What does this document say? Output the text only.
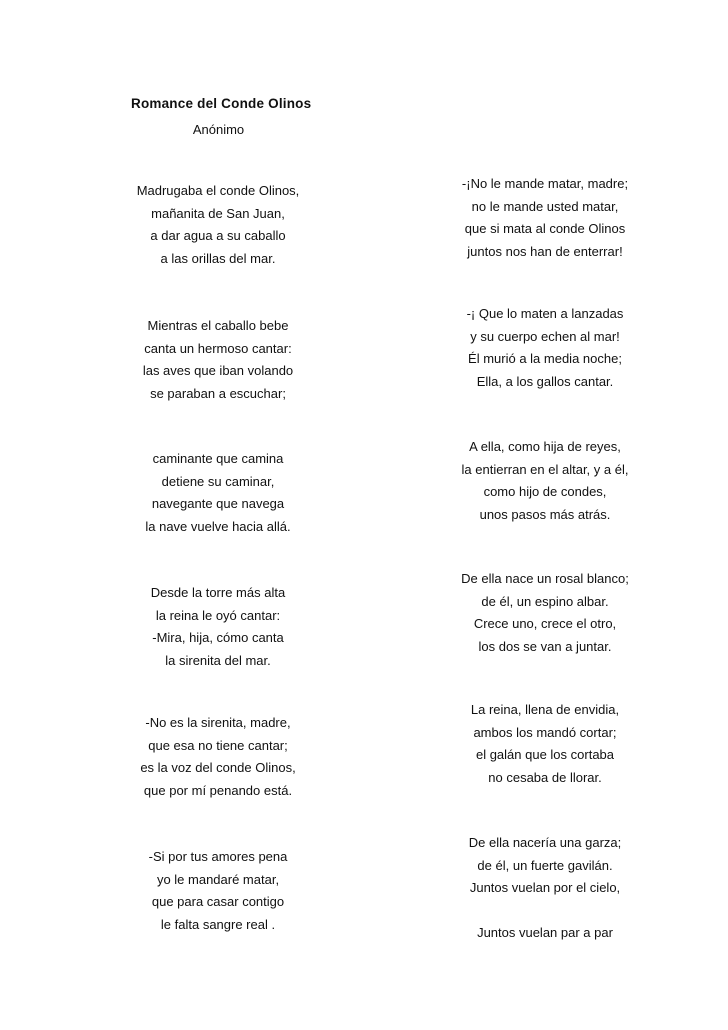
Romance del Conde Olinos
Anónimo
Madrugaba el conde Olinos,
mañanita de San Juan,
a dar agua a su caballo
a las orillas del mar.
Mientras el caballo bebe
canta un hermoso cantar:
las aves que iban volando
se paraban a escuchar;
caminante que camina
detiene su caminar,
navegante que navega
la nave vuelve hacia allá.
Desde la torre más alta
la reina le oyó cantar:
-Mira, hija, cómo canta
la sirenita del mar.
-No es la sirenita, madre,
que esa no tiene cantar;
es la voz del conde Olinos,
que por mí penando está.
-Si por tus amores pena
yo le mandaré matar,
que para casar contigo
le falta sangre real .
-¡No le mande matar, madre;
no le mande usted matar,
que si mata al conde Olinos
juntos nos han de enterrar!
-¡ Que lo maten a lanzadas
y su cuerpo echen al mar!
Él murió a la media noche;
Ella, a los gallos cantar.
A ella, como hija de reyes,
la entierran en el altar, y a él,
como hijo de condes,
unos pasos más atrás.
De ella nace un rosal blanco;
de él, un espino albar.
Crece uno, crece el otro,
los dos se van a juntar.
La reina, llena de envidia,
ambos los mandó cortar;
el galán que los cortaba
no cesaba de llorar.
De ella nacería una garza;
de él, un fuerte gavilán.
Juntos vuelan por el cielo,
Juntos vuelan par a par
